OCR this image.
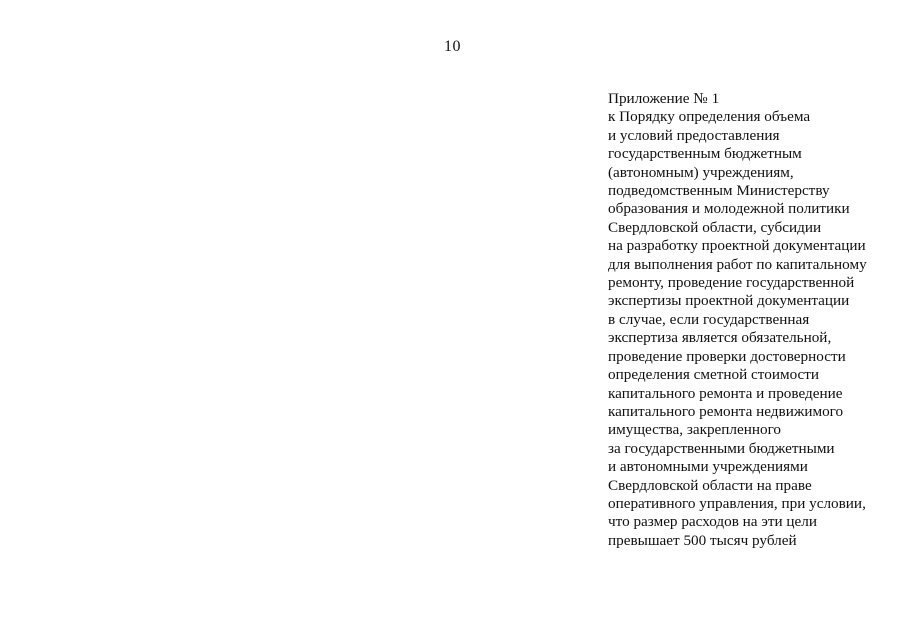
10
Приложение № 1
к Порядку определения объема
и условий предоставления
государственным бюджетным
(автономным) учреждениям,
подведомственным Министерству
образования и молодежной политики
Свердловской области, субсидии
на разработку проектной документации
для выполнения работ по капитальному
ремонту, проведение государственной
экспертизы проектной документации
в случае, если государственная
экспертиза является обязательной,
проведение проверки достоверности
определения сметной стоимости
капитального ремонта и проведение
капитального ремонта недвижимого
имущества, закрепленного
за государственными бюджетными
и автономными учреждениями
Свердловской области на праве
оперативного управления, при условии,
что размер расходов на эти цели
превышает 500 тысяч рублей
